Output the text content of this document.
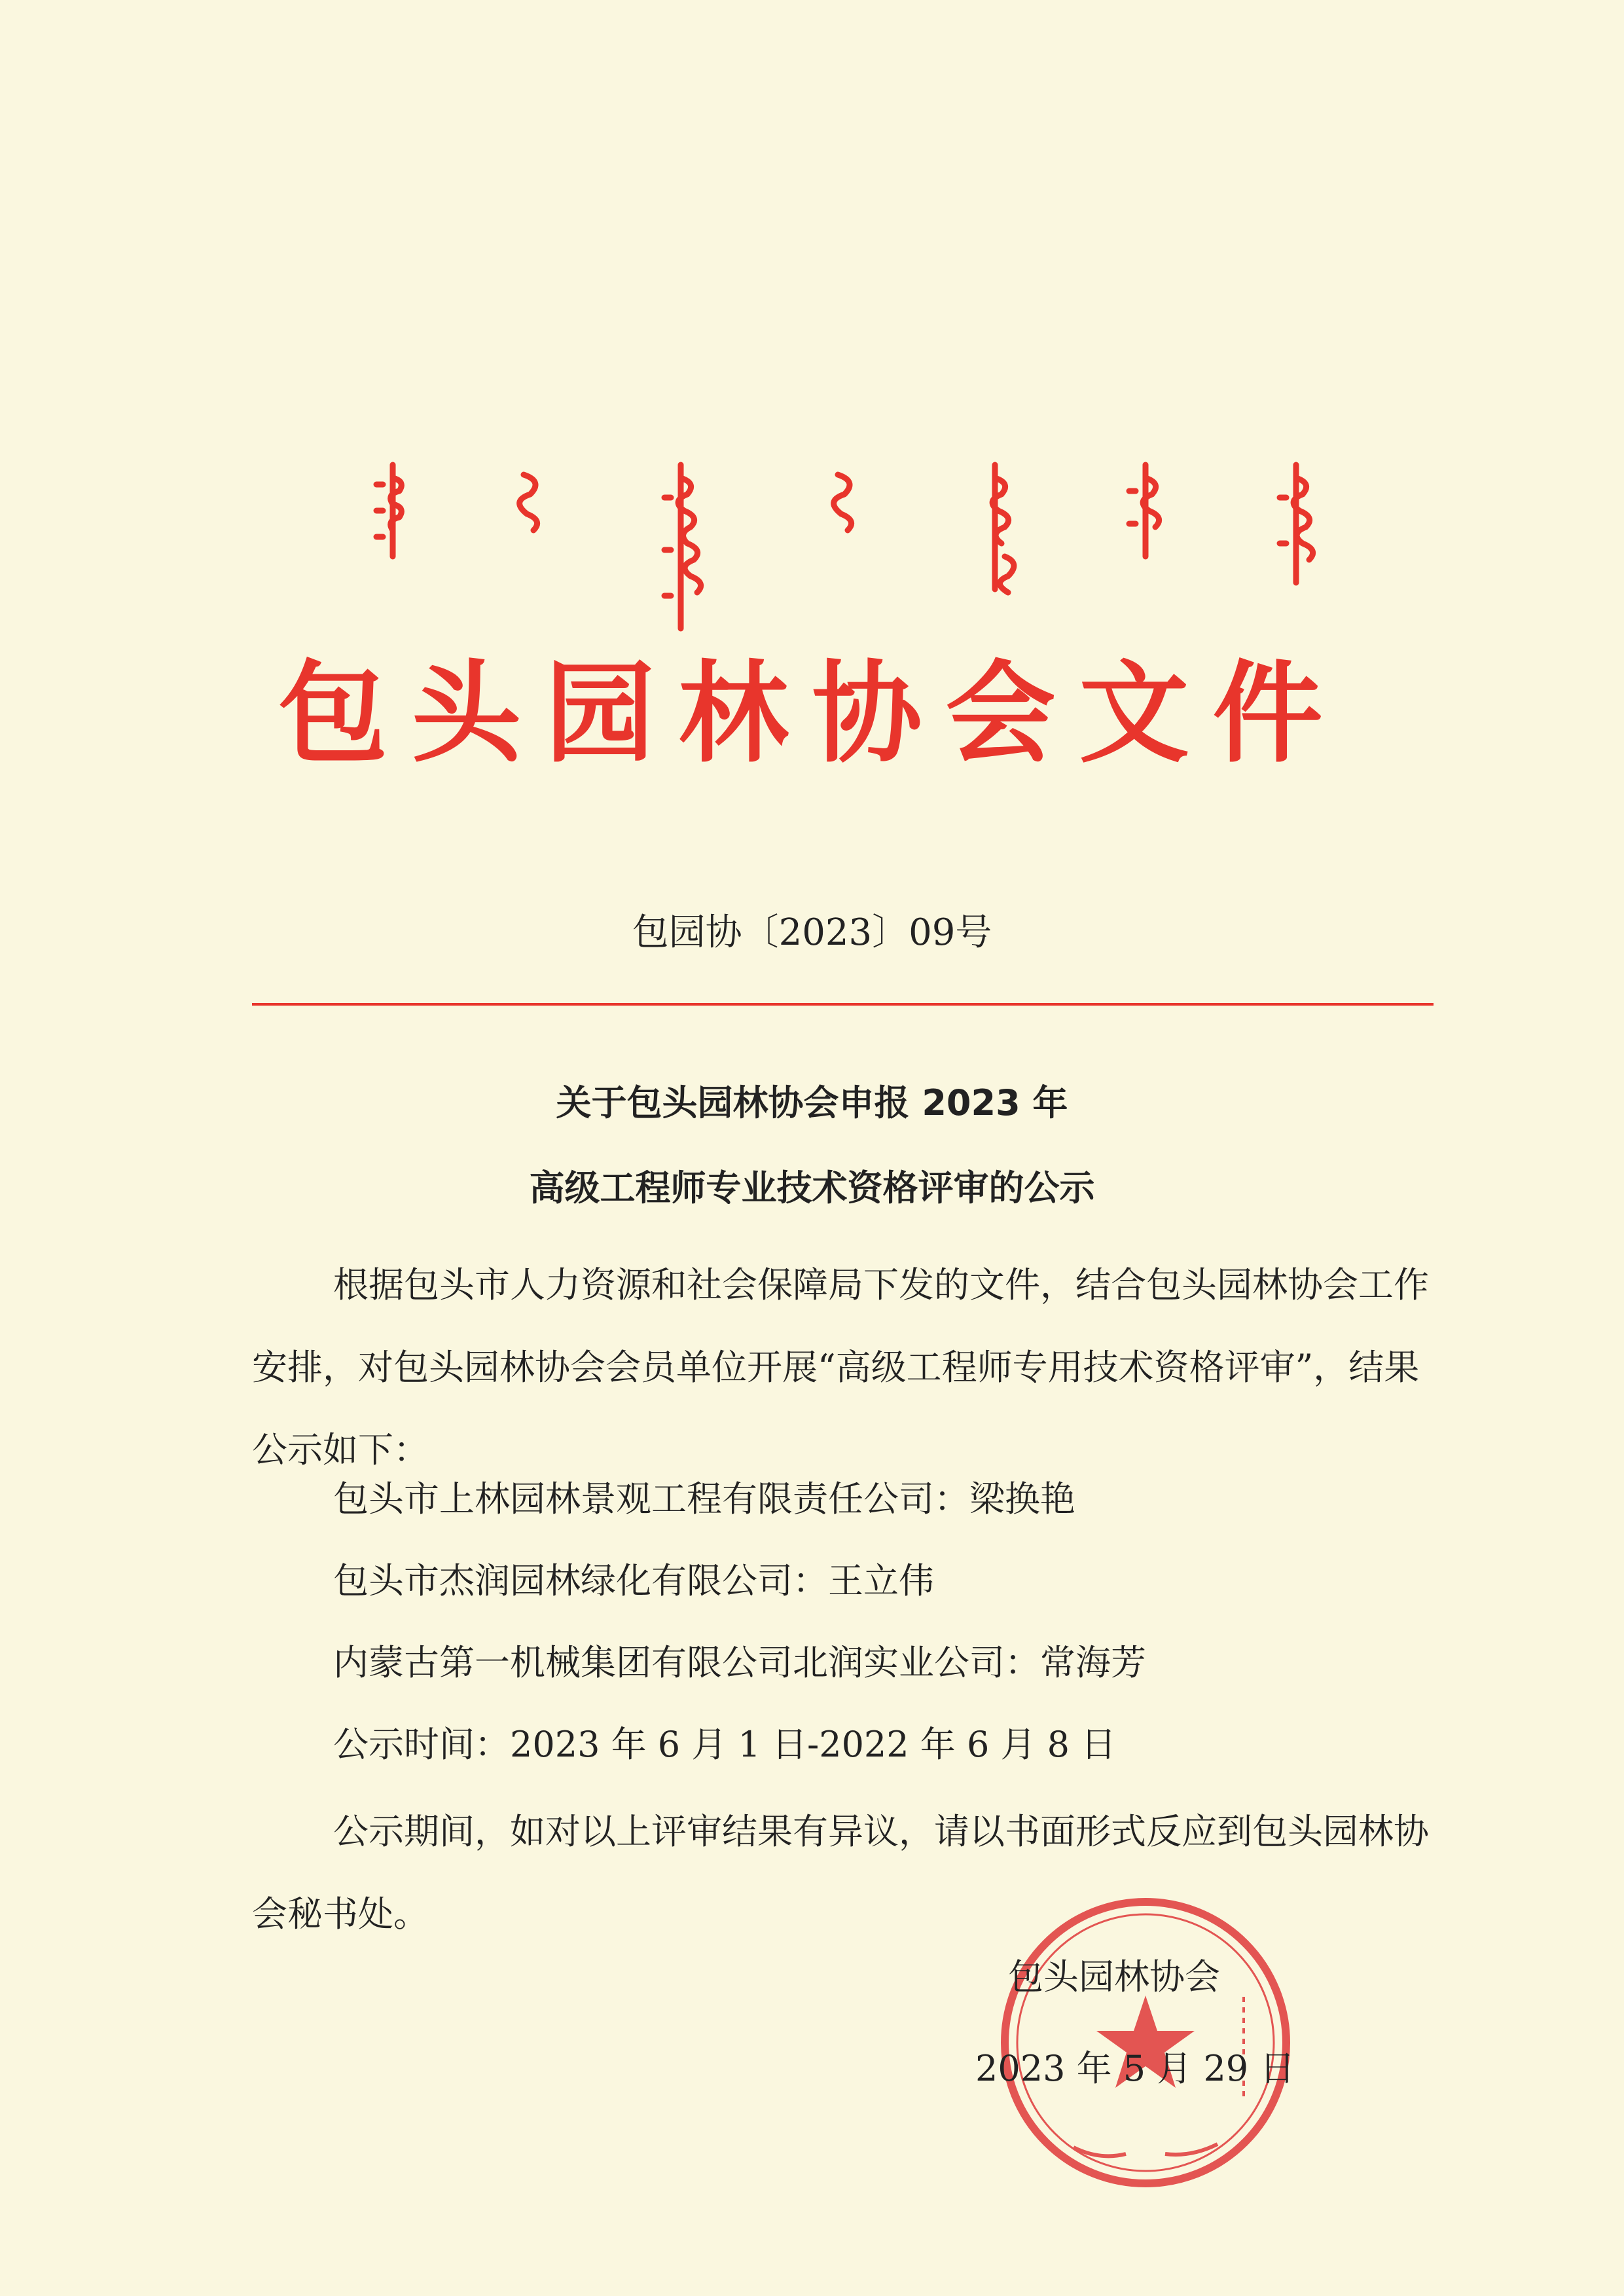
包头园林协会文件
包园协〔2023〕09号
关于包头园林协会申报 2023 年
高级工程师专业技术资格评审的公示

根据包头市人力资源和社会保障局下发的文件，结合包头园林协会工作安排，对包头园林协会会员单位开展“高级工程师专用技术资格评审”，结果公示如下：

包头市上林园林景观工程有限责任公司：梁换艳
包头市杰润园林绿化有限公司：王立伟
内蒙古第一机械集团有限公司北润实业公司：常海芳
公示时间：2023 年 6 月 1 日-2022 年 6 月 8 日

公示期间，如对以上评审结果有异议，请以书面形式反应到包头园林协会秘书处。

包头园林协会
2023 年 5 月 29 日
